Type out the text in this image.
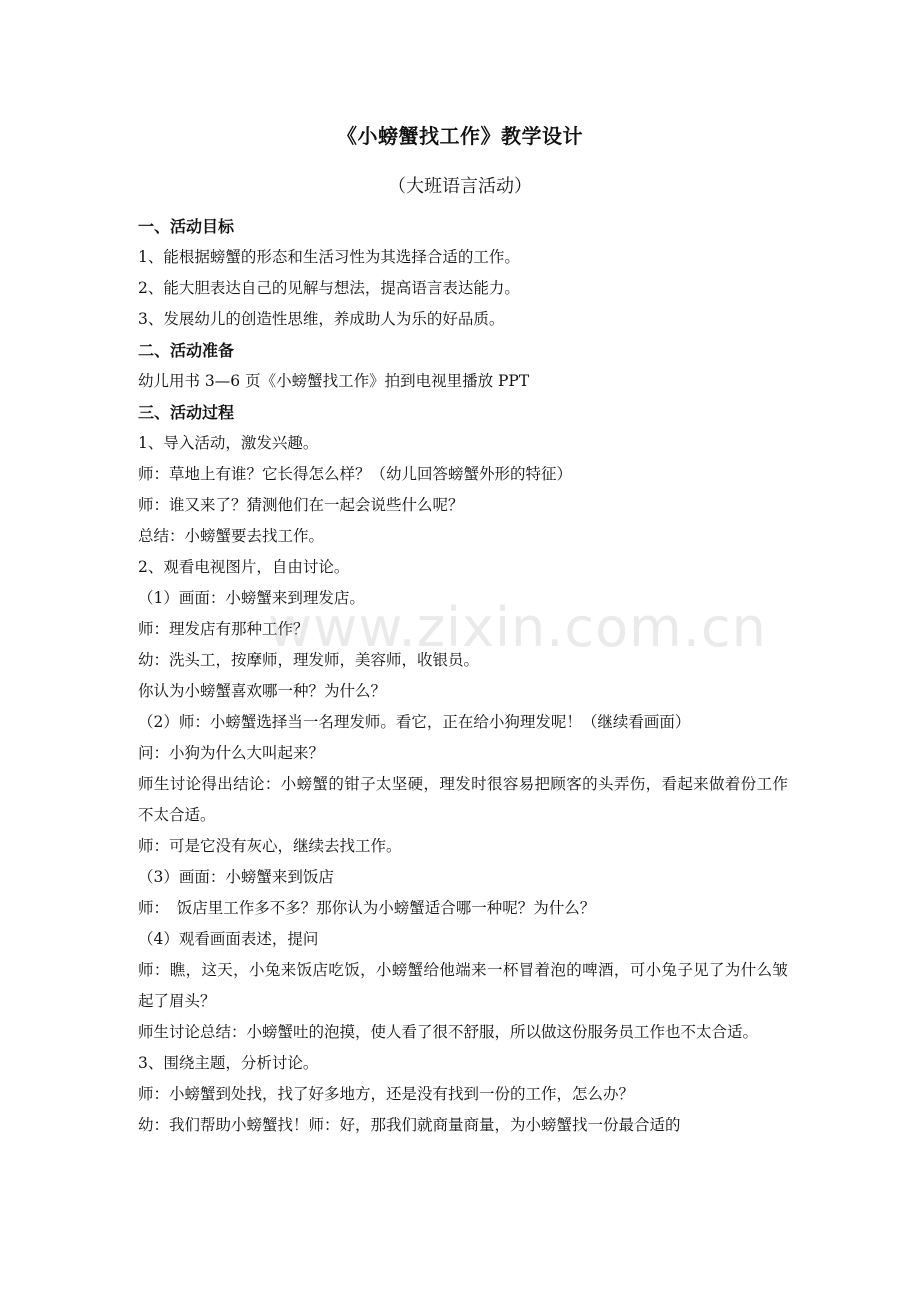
《小螃蟹找工作》教学设计
（大班语言活动）
一、活动目标
1、能根据螃蟹的形态和生活习性为其选择合适的工作。
2、能大胆表达自己的见解与想法，提高语言表达能力。
3、发展幼儿的创造性思维，养成助人为乐的好品质。
二、活动准备
幼儿用书 3—6 页《小螃蟹找工作》拍到电视里播放 PPT
三、活动过程
1、导入活动，激发兴趣。
师：草地上有谁？它长得怎么样？（幼儿回答螃蟹外形的特征）
师：谁又来了？猜测他们在一起会说些什么呢？
总结：小螃蟹要去找工作。
2、观看电视图片，自由讨论。
（1）画面：小螃蟹来到理发店。
师：理发店有那种工作？
幼：洗头工，按摩师，理发师，美容师，收银员。
你认为小螃蟹喜欢哪一种？为什么？
（2）师：小螃蟹选择当一名理发师。看它，正在给小狗理发呢！（继续看画面）
问：小狗为什么大叫起来？
师生讨论得出结论：小螃蟹的钳子太坚硬，理发时很容易把顾客的头弄伤，看起来做着份工作不太合适。
师：可是它没有灰心，继续去找工作。
（3）画面：小螃蟹来到饭店
师：　饭店里工作多不多？那你认为小螃蟹适合哪一种呢？为什么？
（4）观看画面表述，提问
师：瞧，这天，小兔来饭店吃饭，小螃蟹给他端来一杯冒着泡的啤酒，可小兔子见了为什么皱起了眉头？
师生讨论总结：小螃蟹吐的泡摸，使人看了很不舒服，所以做这份服务员工作也不太合适。
3、围绕主题，分析讨论。
师：小螃蟹到处找，找了好多地方，还是没有找到一份的工作，怎么办？
幼：我们帮助小螃蟹找！师：好，那我们就商量商量，为小螃蟹找一份最合适的
www.zixin.com.cn
